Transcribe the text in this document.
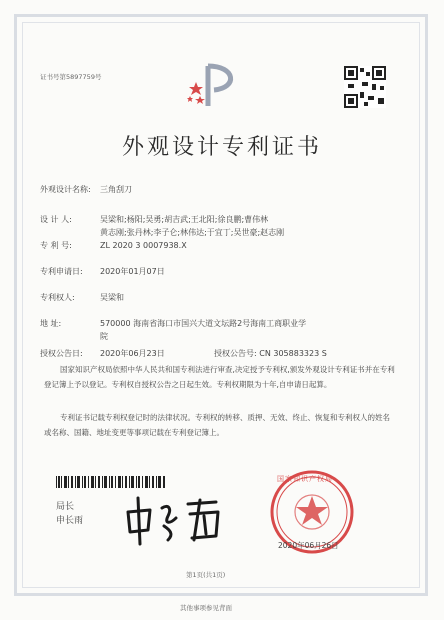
证书号第5897759号
外观设计专利证书
外观设计名称: 三角刮刀
设 计 人:	吴梁和;杨阳;吴勇;胡吉武;王北阳;徐良鹏;曹伟林
黄志刚;张丹林;李子仑;林伟达;于宜丁;吴世豪;赵志刚
专 利 号:	ZL 2020 3 0007938.X
专利申请日: 2020年01月07日
专利权人:	吴梁和
地 址:	570000 海南省海口市国兴大道文坛路2号海南工商职业学
院
授权公告日: 2020年06月23日	授权公告号: CN 305883323 S
国家知识产权局依照中华人民共和国专利法进行审查,决定授予专利权,颁发外观设计专利证书并在专利登记簿上予以登记。专利权自授权公告之日起生效。专利权期限为十年,自申请日起算。
专利证书记载专利权登记时的法律状况。专利权的转移、质押、无效、终止、恢复和专利权人的姓名或名称、国籍、地址变更等事项记载在专利登记簿上。
局长
申长雨
国家知识产权局
2020年06月26日
第1页(共1页)
其他事项参见背面
